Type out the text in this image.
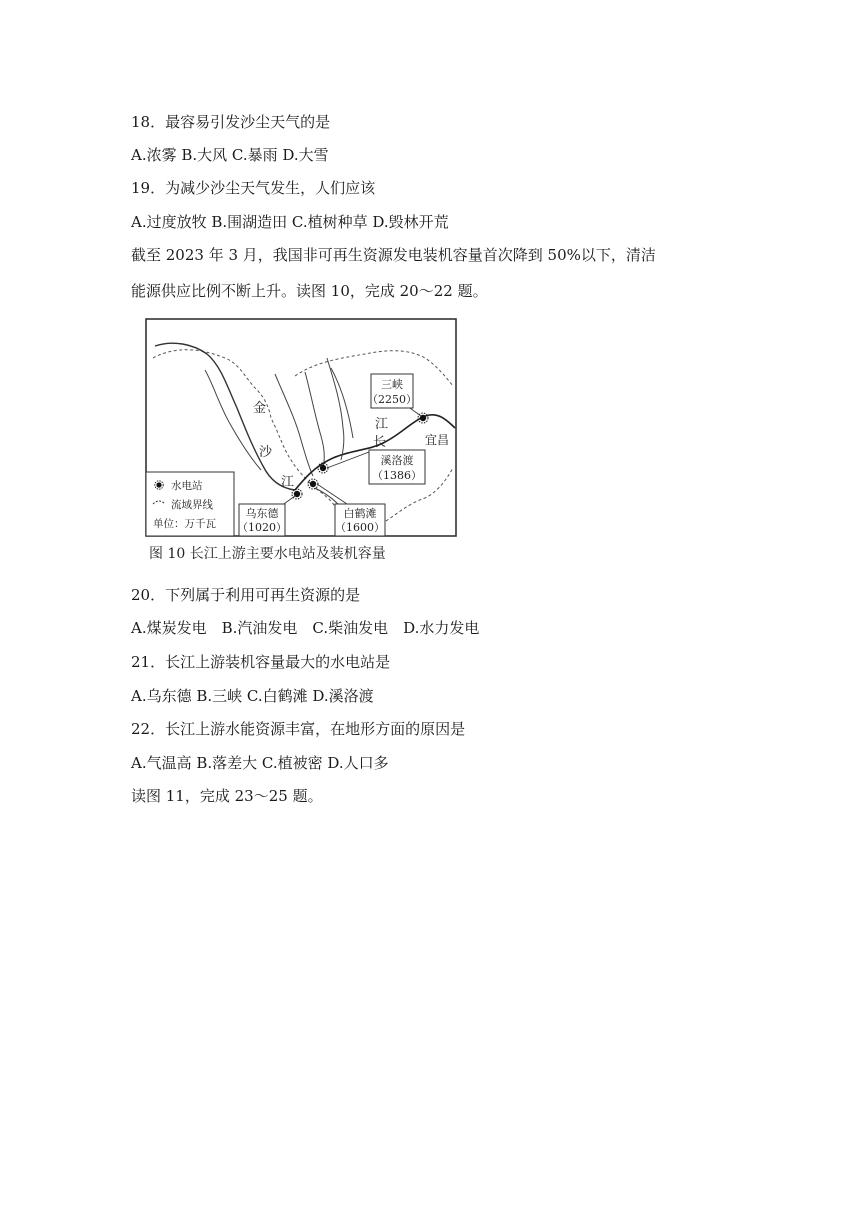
18．最容易引发沙尘天气的是
A.浓雾 B.大风 C.暴雨 D.大雪
19．为减少沙尘天气发生，人们应该
A.过度放牧 B.围湖造田 C.植树种草 D.毁林开荒
截至 2023 年 3 月，我国非可再生资源发电装机容量首次降到 50%以下，清洁
能源供应比例不断上升。读图 10，完成 20～22 题。
金
沙
江
长
江
宜昌
三峡
（2250）
溪洛渡
（1386）
乌东德
（1020）
白鹤滩
（1600）
水电站
流域界线
单位：万千瓦
图 10 长江上游主要水电站及装机容量
20．下列属于利用可再生资源的是
A.煤炭发电　B.汽油发电　C.柴油发电　D.水力发电
21．长江上游装机容量最大的水电站是
A.乌东德 B.三峡 C.白鹤滩 D.溪洛渡
22．长江上游水能资源丰富，在地形方面的原因是
A.气温高 B.落差大 C.植被密 D.人口多
读图 11，完成 23～25 题。
